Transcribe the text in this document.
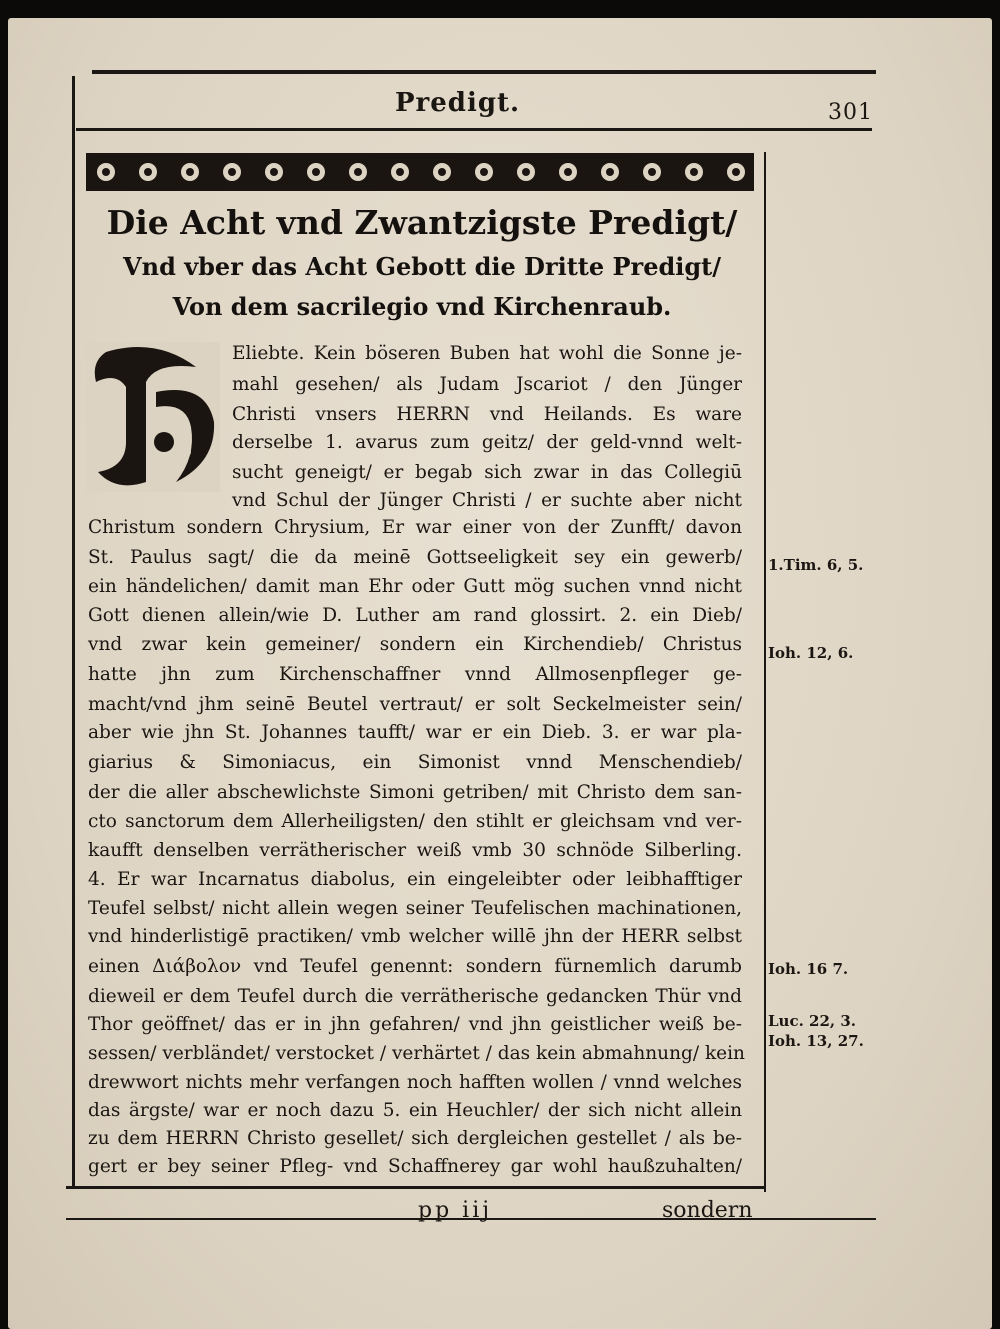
Predigt.	301
Die Acht vnd Zwantzigste Predigt/
Vnd vber das Acht Gebott die Dritte Predigt/
Von dem sacrilegio vnd Kirchenraub.
Eliebte. Kein böseren Buben hat wohl die Sonne je-
mahl gesehen/ als Judam Jscariot / den Jünger
Christi vnsers HERRN vnd Heilands. Es ware
derselbe 1. avarus zum geitz/ der geld-vnnd welt-
sucht geneigt/ er begab sich zwar in das Collegiū
vnd Schul der Jünger Christi / er suchte aber nicht
Christum sondern Chrysium, Er war einer von der Zunfft/ davon
St. Paulus sagt/ die da meinē Gottseeligkeit sey ein gewerb/
ein händelichen/ damit man Ehr oder Gutt mög suchen vnnd nicht
Gott dienen allein/wie D. Luther am rand glossirt. 2. ein Dieb/
vnd zwar kein gemeiner/ sondern ein Kirchendieb/ Christus
hatte jhn zum Kirchenschaffner vnnd Allmosenpfleger ge-
macht/vnd jhm seinē Beutel vertraut/ er solt Seckelmeister sein/
aber wie jhn St. Johannes taufft/ war er ein Dieb. 3. er war pla-
giarius & Simoniacus, ein Simonist vnnd Menschendieb/
der die aller abschewlichste Simoni getriben/ mit Christo dem san-
cto sanctorum dem Allerheiligsten/ den stihlt er gleichsam vnd ver-
kaufft denselben verrätherischer weiß vmb 30 schnöde Silberling.
4. Er war Incarnatus diabolus, ein eingeleibter oder leibhafftiger
Teufel selbst/ nicht allein wegen seiner Teufelischen machinationen,
vnd hinderlistigē practiken/ vmb welcher willē jhn der HERR selbst
einen Διάβολον vnd Teufel genennt: sondern fürnemlich darumb
dieweil er dem Teufel durch die verrätherische gedancken Thür vnd
Thor geöffnet/ das er in jhn gefahren/ vnd jhn geistlicher weiß be-
sessen/ verbländet/ verstocket / verhärtet / das kein abmahnung/ kein
drewwort nichts mehr verfangen noch hafften wollen / vnnd welches
das ärgste/ war er noch dazu 5. ein Heuchler/ der sich nicht allein
zu dem HERRN Christo gesellet/ sich dergleichen gestellet / als be-
gert er bey seiner Pfleg- vnd Schaffnerey gar wohl haußzuhalten/
1.Tim. 6, 5.
Ioh. 12, 6.
Ioh. 16 7.
Luc. 22, 3.
Ioh. 13, 27.
pp iij	sondern
